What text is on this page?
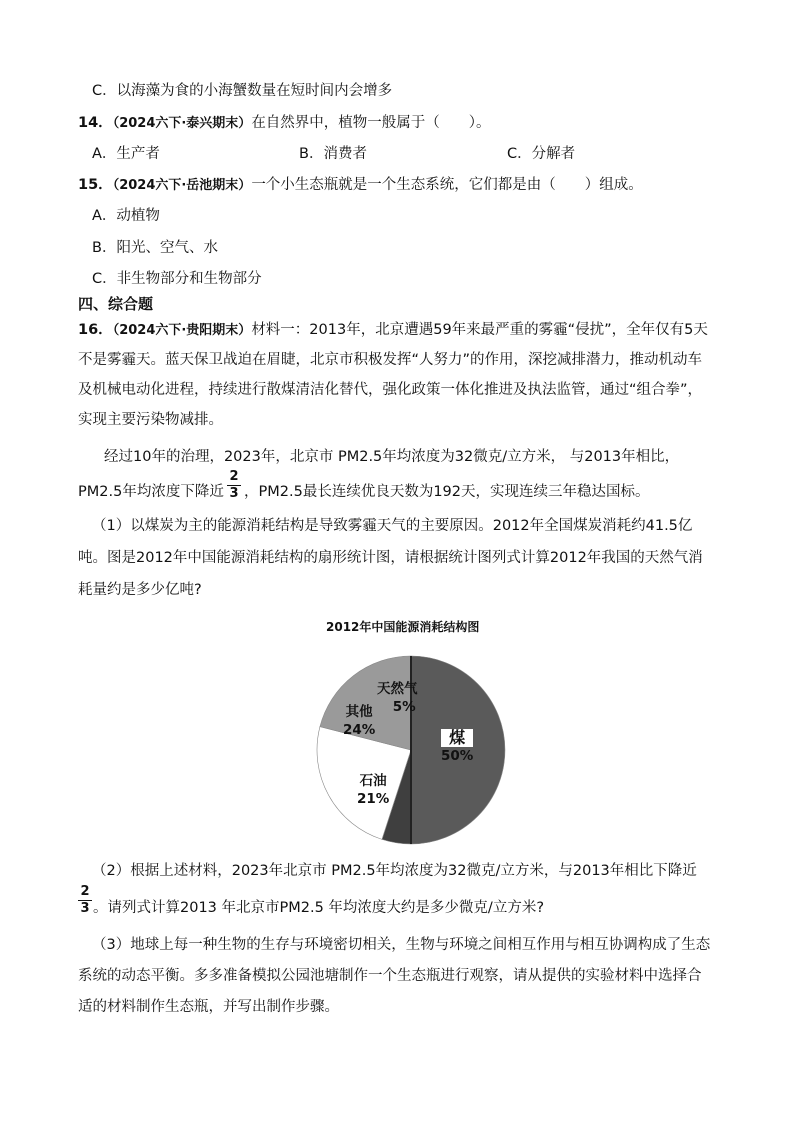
C．以海藻为食的小海蟹数量在短时间内会增多
14．（2024六下·泰兴期末）在自然界中，植物一般属于（　　）。
A．生产者	B．消费者	C．分解者
15．（2024六下·岳池期末）一个小生态瓶就是一个生态系统，它们都是由（　　）组成。
A．动植物
B．阳光、空气、水
C．非生物部分和生物部分
四、综合题
16．（2024六下·贵阳期末）材料一：2013年，北京遭遇59年来最严重的雾霾“侵扰”，全年仅有5天
不是雾霾天。蓝天保卫战迫在眉睫，北京市积极发挥“人努力”的作用，深挖减排潜力，推动机动车
及机械电动化进程，持续进行散煤清洁化替代，强化政策一体化推进及执法监管，通过“组合拳”，
实现主要污染物减排。
经过10年的治理，2023年，北京市 PM2.5年均浓度为32微克/立方米， 与2013年相比，
PM2.5年均浓度下降近
2
3 ，PM2.5最长连续优良天数为192天，实现连续三年稳达国标。
（1）以煤炭为主的能源消耗结构是导致雾霾天气的主要原因。2012年全国煤炭消耗约41.5亿
吨。图是2012年中国能源消耗结构的扇形统计图，请根据统计图列式计算2012年我国的天然气消
耗量约是多少亿吨?
2012年中国能源消耗结构图
天然气
5%
其他
24%	煤
50%
石油
21%
（2）根据上述材料，2023年北京市 PM2.5年均浓度为32微克/立方米，与2013年相比下降近
2
3 。请列式计算2013 年北京市PM2.5 年均浓度大约是多少微克/立方米?
（3）地球上每一种生物的生存与环境密切相关，生物与环境之间相互作用与相互协调构成了生态
系统的动态平衡。多多准备模拟公园池塘制作一个生态瓶进行观察，请从提供的实验材料中选择合
适的材料制作生态瓶，并写出制作步骤。
